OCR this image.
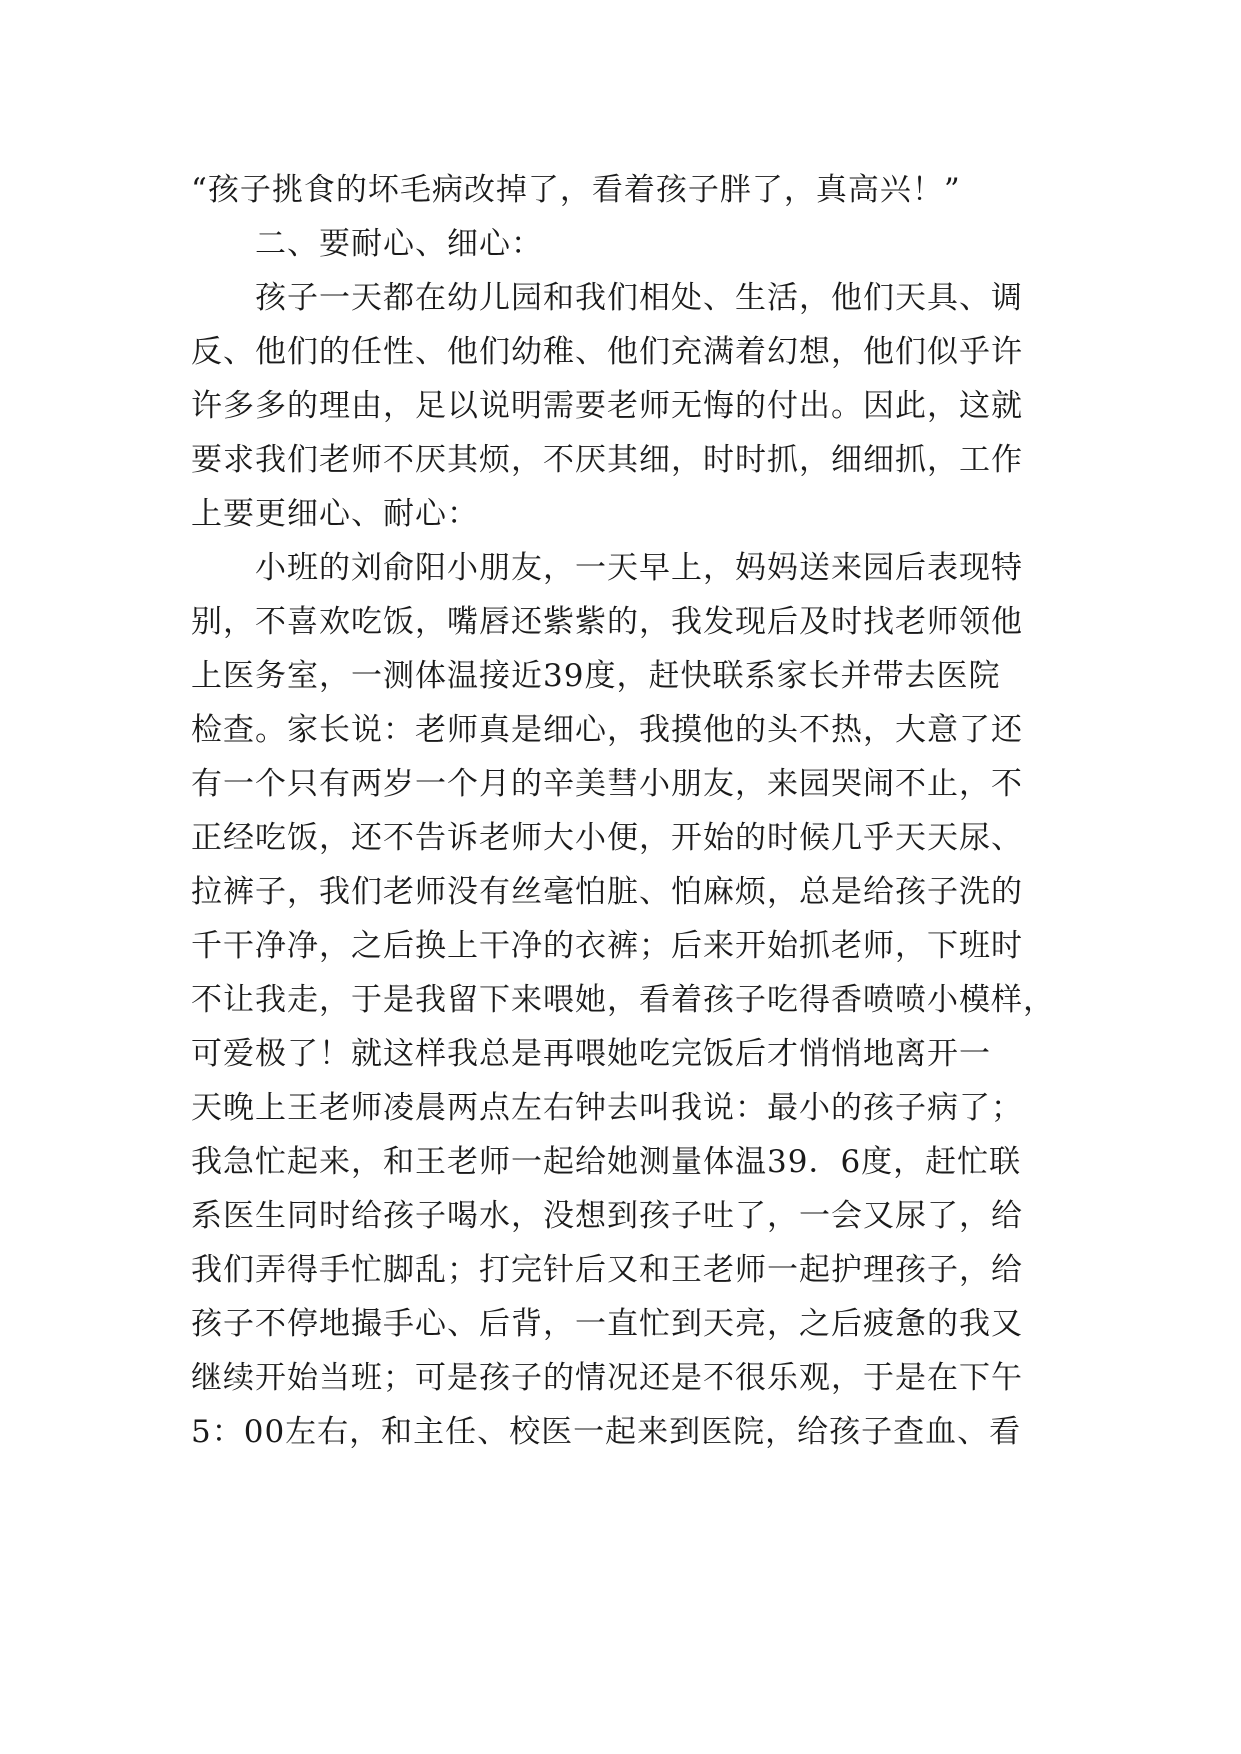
“孩子挑食的坏毛病改掉了，看着孩子胖了，真高兴！”
　　二、要耐心、细心：
　　孩子一天都在幼儿园和我们相处、生活，他们天具、调
反、他们的任性、他们幼稚、他们充满着幻想，他们似乎许
许多多的理由，足以说明需要老师无悔的付出。因此，这就
要求我们老师不厌其烦，不厌其细，时时抓，细细抓，工作
上要更细心、耐心：
　　小班的刘俞阳小朋友，一天早上，妈妈送来园后表现特
别，不喜欢吃饭，嘴唇还紫紫的，我发现后及时找老师领他
上医务室，一测体温接近39度，赶快联系家长并带去医院
检查。家长说：老师真是细心，我摸他的头不热，大意了还
有一个只有两岁一个月的辛美彗小朋友，来园哭闹不止，不
正经吃饭，还不告诉老师大小便，开始的时候几乎天天尿、
拉裤子，我们老师没有丝毫怕脏、怕麻烦，总是给孩子洗的
千干净净，之后换上干净的衣裤；后来开始抓老师，下班时
不让我走，于是我留下来喂她，看着孩子吃得香喷喷小模样，
可爱极了！就这样我总是再喂她吃完饭后才悄悄地离开一
天晚上王老师凌晨两点左右钟去叫我说：最小的孩子病了；
我急忙起来，和王老师一起给她测量体温39．6度，赶忙联
系医生同时给孩子喝水，没想到孩子吐了，一会又尿了，给
我们弄得手忙脚乱；打完针后又和王老师一起护理孩子，给
孩子不停地撮手心、后背，一直忙到天亮，之后疲惫的我又
继续开始当班；可是孩子的情况还是不很乐观，于是在下午
5：00左右，和主任、校医一起来到医院，给孩子查血、看
